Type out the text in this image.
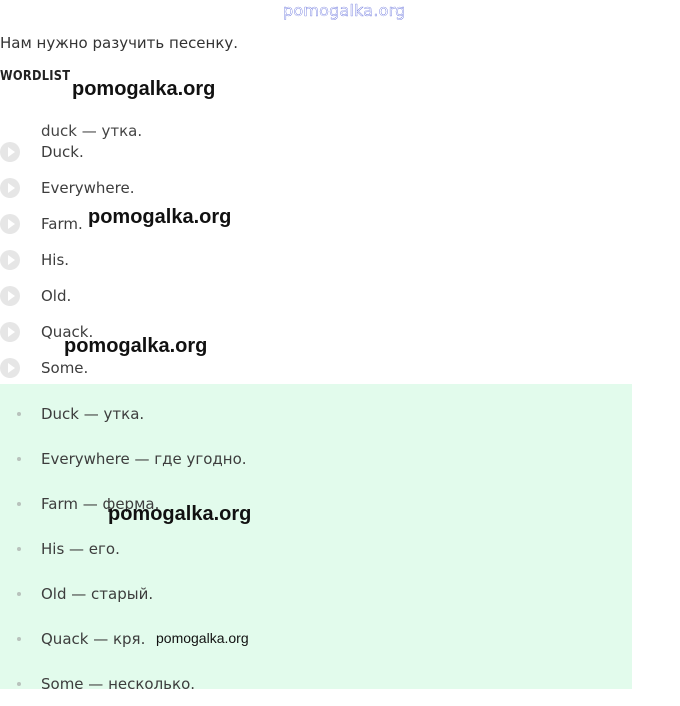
pomogalka.org
Нам нужно разучить песенку.
WORDLIST
duck — утка.
Duck.
Everywhere.
Farm.
His.
Old.
Quack.
Some.
Duck — утка.
Everywhere — где угодно.
Farm — ферма.
His — его.
Old — старый.
Quack — кря.
Some — несколько.
pomogalka.org
pomogalka.org
pomogalka.org
pomogalka.org
pomogalka.org
